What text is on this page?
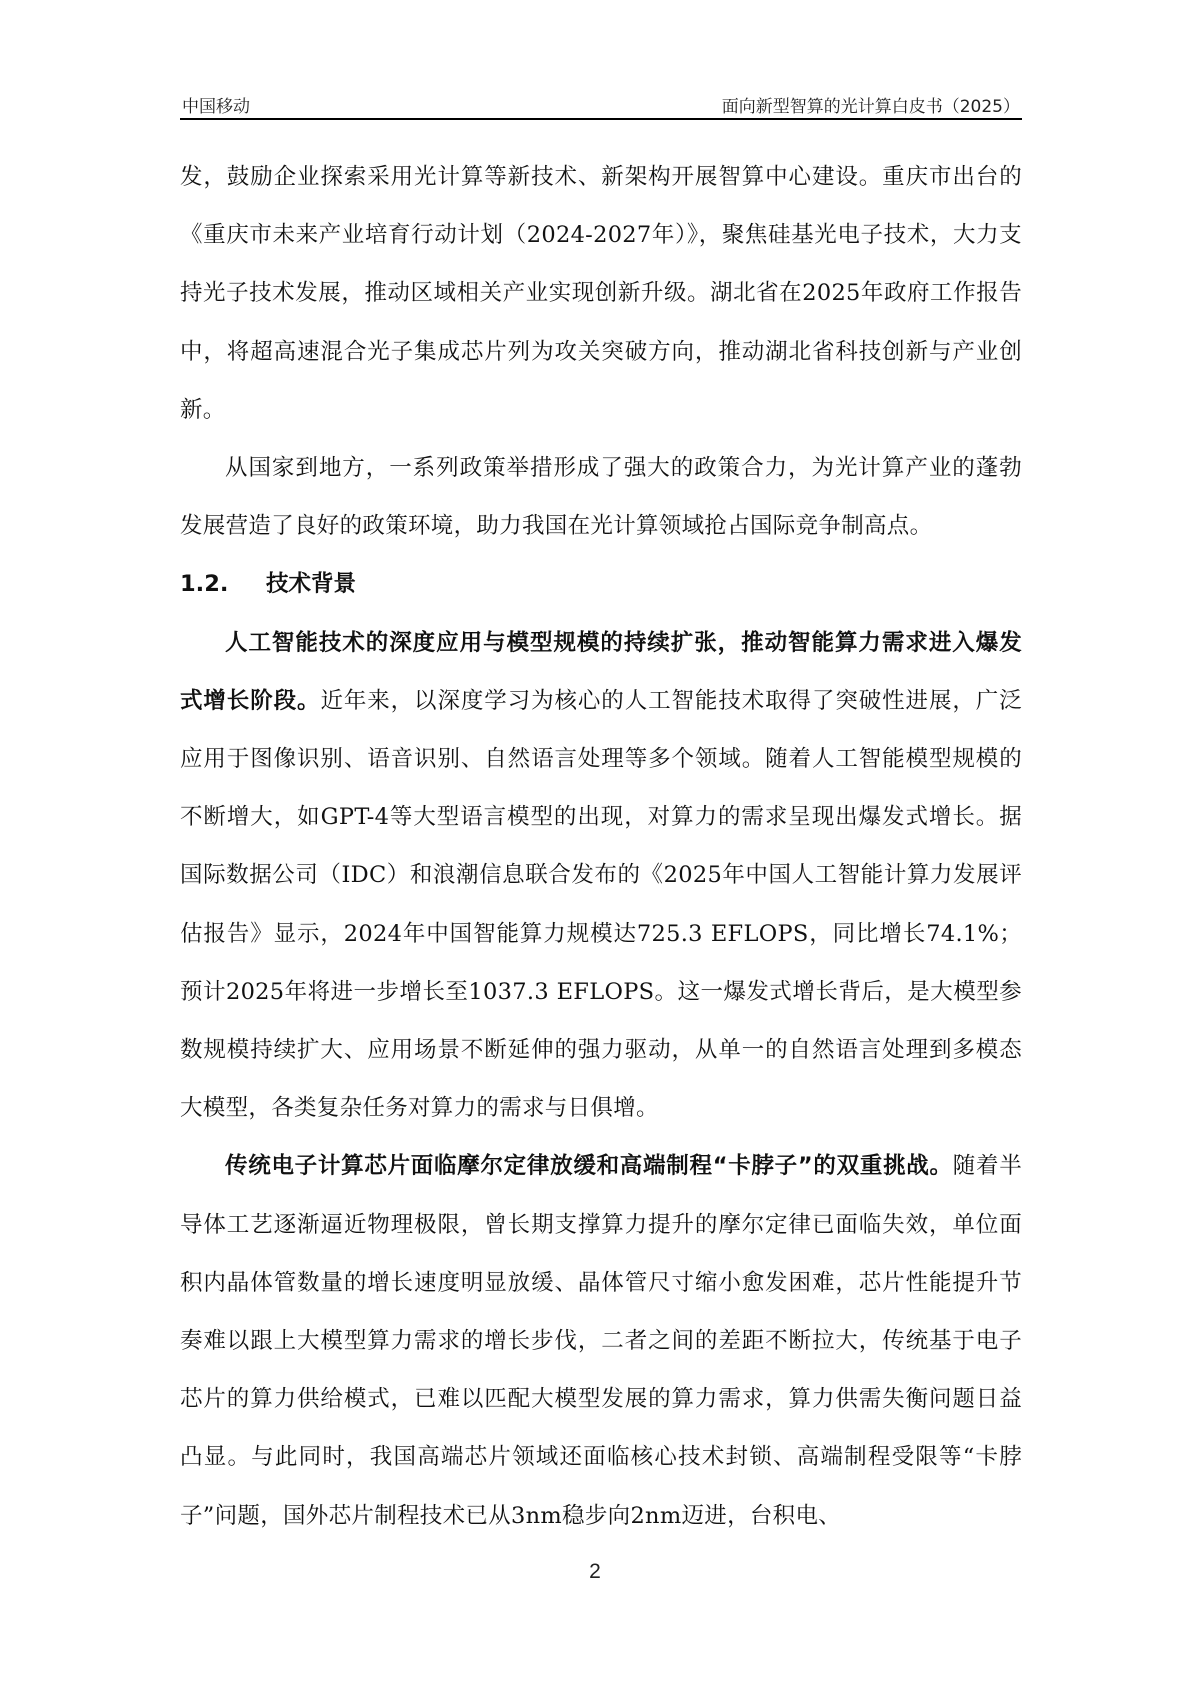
中国移动	面向新型智算的光计算白皮书（2025）

发，鼓励企业探索采用光计算等新技术、新架构开展智算中心建设。重庆市出台的《重庆市未来产业培育行动计划（2024-2027年）》，聚焦硅基光电子技术，大力支持光子技术发展，推动区域相关产业实现创新升级。湖北省在2025年政府工作报告中，将超高速混合光子集成芯片列为攻关突破方向，推动湖北省科技创新与产业创新。

从国家到地方，一系列政策举措形成了强大的政策合力，为光计算产业的蓬勃发展营造了良好的政策环境，助力我国在光计算领域抢占国际竞争制高点。

1.2. 技术背景

人工智能技术的深度应用与模型规模的持续扩张，推动智能算力需求进入爆发式增长阶段。近年来，以深度学习为核心的人工智能技术取得了突破性进展，广泛应用于图像识别、语音识别、自然语言处理等多个领域。随着人工智能模型规模的不断增大，如GPT-4等大型语言模型的出现，对算力的需求呈现出爆发式增长。据国际数据公司（IDC）和浪潮信息联合发布的《2025年中国人工智能计算力发展评估报告》显示，2024年中国智能算力规模达725.3 EFLOPS，同比增长74.1%；预计2025年将进一步增长至1037.3 EFLOPS。这一爆发式增长背后，是大模型参数规模持续扩大、应用场景不断延伸的强力驱动，从单一的自然语言处理到多模态大模型，各类复杂任务对算力的需求与日俱增。

传统电子计算芯片面临摩尔定律放缓和高端制程“卡脖子”的双重挑战。随着半导体工艺逐渐逼近物理极限，曾长期支撑算力提升的摩尔定律已面临失效，单位面积内晶体管数量的增长速度明显放缓、晶体管尺寸缩小愈发困难，芯片性能提升节奏难以跟上大模型算力需求的增长步伐，二者之间的差距不断拉大，传统基于电子芯片的算力供给模式，已难以匹配大模型发展的算力需求，算力供需失衡问题日益凸显。与此同时，我国高端芯片领域还面临核心技术封锁、高端制程受限等“卡脖子”问题，国外芯片制程技术已从3nm稳步向2nm迈进，台积电、

2
